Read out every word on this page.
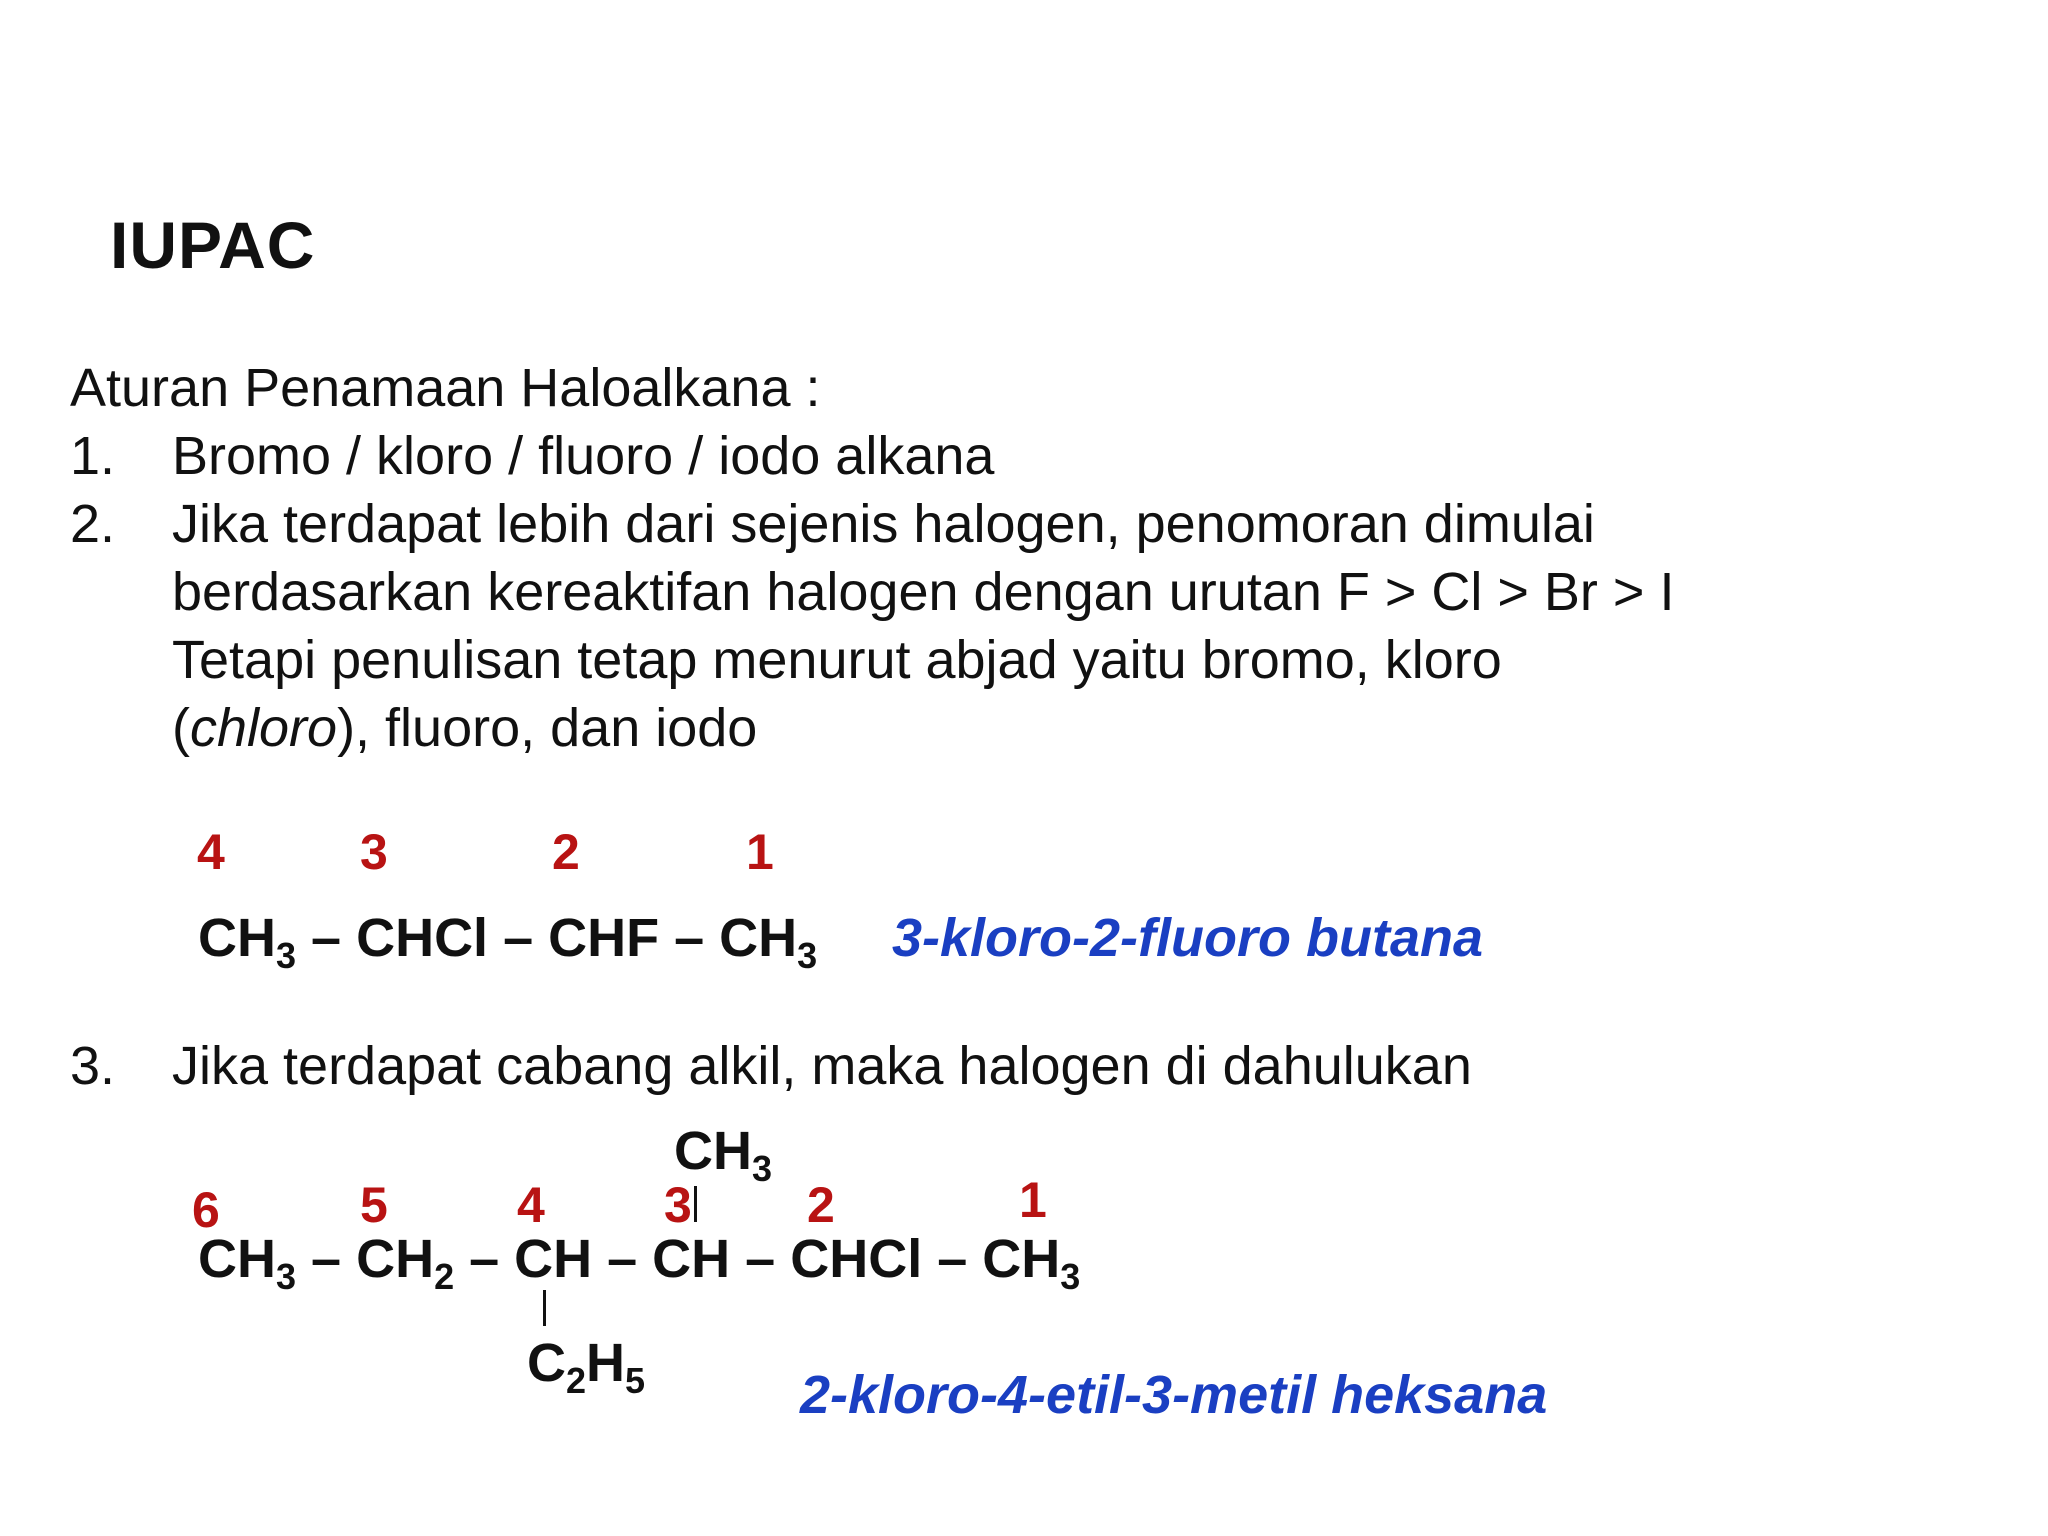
IUPAC
Aturan Penamaan Haloalkana :
1. Bromo / kloro / fluoro / iodo alkana
2. Jika terdapat lebih dari sejenis halogen, penomoran dimulai
berdasarkan kereaktifan halogen dengan urutan F > Cl > Br > I
Tetapi penulisan tetap menurut abjad yaitu bromo, kloro
(chloro), fluoro, dan iodo
4	3	2	1
$CH_3$ – CHCl – CHF – $CH_3$ 3-kloro-2-fluoro butana
3. Jika terdapat cabang alkil, maka halogen di dahulukan
$CH_3$
6	5	4 3 2	1
$CH_3 - CH_2$ – CH – CH – CHCl – $CH_3$
$C_2H_5$	2-kloro-4-etil-3-metil heksana
